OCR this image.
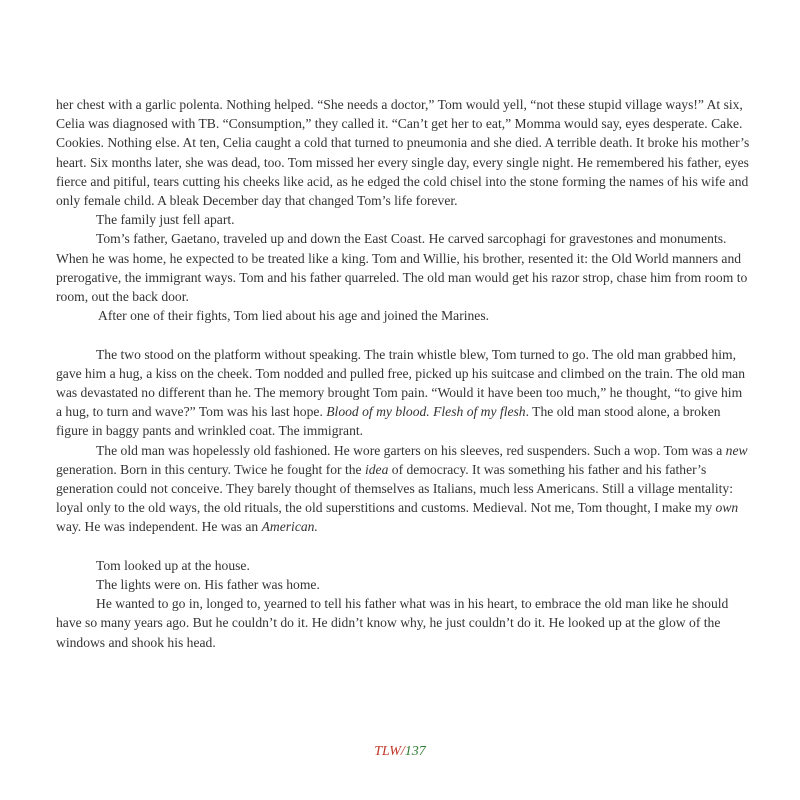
her chest with a garlic polenta. Nothing helped. “She needs a doctor,” Tom would yell, “not these stupid village ways!” At six, Celia was diagnosed with TB. “Consumption,” they called it. “Can’t get her to eat,” Momma would say, eyes desperate. Cake. Cookies. Nothing else. At ten, Celia caught a cold that turned to pneumonia and she died. A terrible death. It broke his mother’s heart. Six months later, she was dead, too. Tom missed her every single day, every single night. He remembered his father, eyes fierce and pitiful, tears cutting his cheeks like acid, as he edged the cold chisel into the stone forming the names of his wife and only female child. A bleak December day that changed Tom’s life forever.

The family just fell apart.

Tom’s father, Gaetano, traveled up and down the East Coast. He carved sarcophagi for gravestones and monuments. When he was home, he expected to be treated like a king. Tom and Willie, his brother, resented it: the Old World manners and prerogative, the immigrant ways. Tom and his father quarreled. The old man would get his razor strop, chase him from room to room, out the back door.

After one of their fights, Tom lied about his age and joined the Marines.

The two stood on the platform without speaking. The train whistle blew, Tom turned to go. The old man grabbed him, gave him a hug, a kiss on the cheek. Tom nodded and pulled free, picked up his suitcase and climbed on the train. The old man was devastated no different than he. The memory brought Tom pain. “Would it have been too much,” he thought, “to give him a hug, to turn and wave?” Tom was his last hope. Blood of my blood. Flesh of my flesh. The old man stood alone, a broken figure in baggy pants and wrinkled coat. The immigrant.

The old man was hopelessly old fashioned. He wore garters on his sleeves, red suspenders. Such a wop. Tom was a new generation. Born in this century. Twice he fought for the idea of democracy. It was something his father and his father’s generation could not conceive. They barely thought of themselves as Italians, much less Americans. Still a village mentality: loyal only to the old ways, the old rituals, the old superstitions and customs. Medieval. Not me, Tom thought, I make my own way. He was independent. He was an American.

Tom looked up at the house.

The lights were on. His father was home.

He wanted to go in, longed to, yearned to tell his father what was in his heart, to embrace the old man like he should have so many years ago. But he couldn’t do it. He didn’t know why, he just couldn’t do it. He looked up at the glow of the windows and shook his head.

TLW/137
